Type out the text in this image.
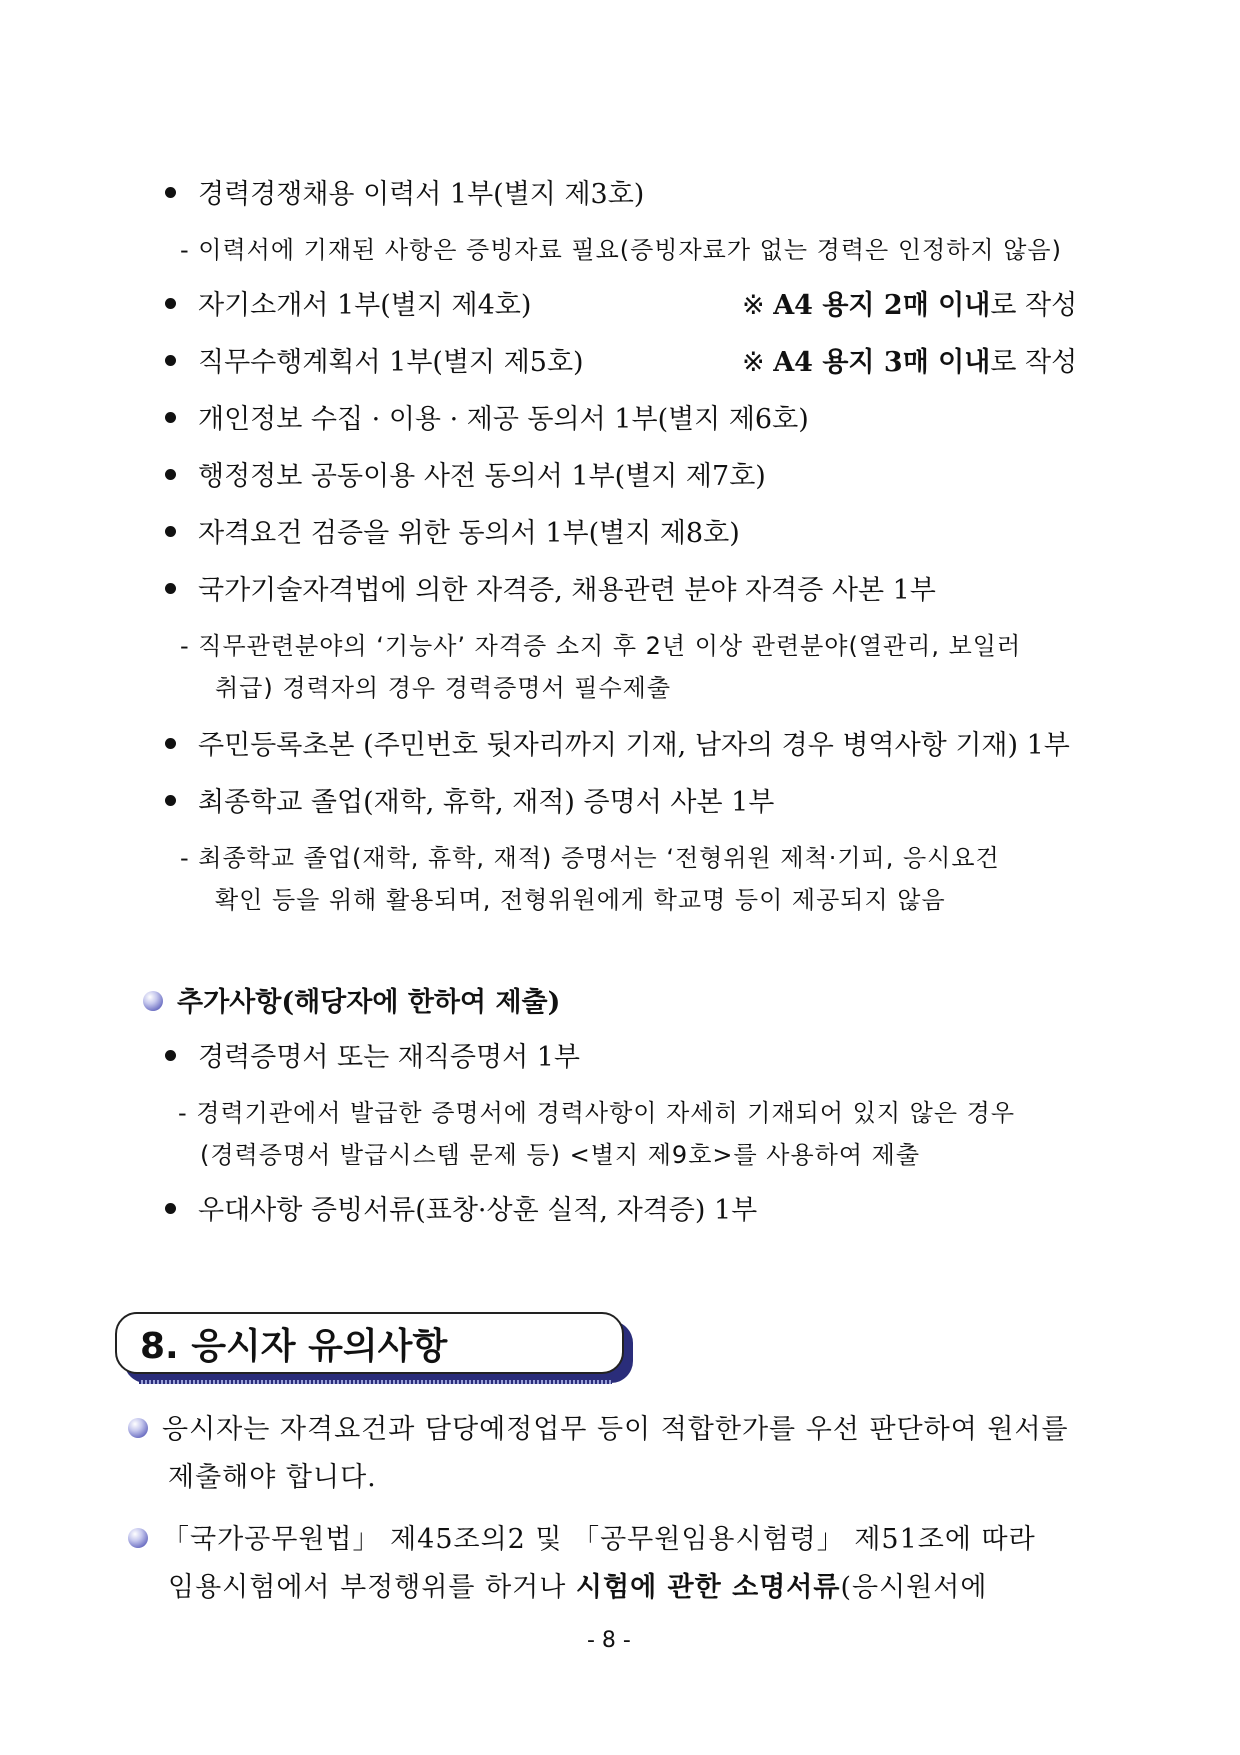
경력경쟁채용 이력서 1부(별지 제3호)
- 이력서에 기재된 사항은 증빙자료 필요(증빙자료가 없는 경력은 인정하지 않음)
자기소개서 1부(별지 제4호)	※ A4 용지 2매 이내로 작성
직무수행계획서 1부(별지 제5호)	※ A4 용지 3매 이내로 작성
개인정보 수집 · 이용 · 제공 동의서 1부(별지 제6호)
행정정보 공동이용 사전 동의서 1부(별지 제7호)
자격요건 검증을 위한 동의서 1부(별지 제8호)
국가기술자격법에 의한 자격증, 채용관련 분야 자격증 사본 1부
- 직무관련분야의 ‘기능사’ 자격증 소지 후 2년 이상 관련분야(열관리, 보일러
취급) 경력자의 경우 경력증명서 필수제출
주민등록초본 (주민번호 뒷자리까지 기재, 남자의 경우 병역사항 기재) 1부
최종학교 졸업(재학, 휴학, 재적) 증명서 사본 1부
- 최종학교 졸업(재학, 휴학, 재적) 증명서는 ‘전형위원 제척·기피, 응시요건
확인 등을 위해 활용되며, 전형위원에게 학교명 등이 제공되지 않음
추가사항(해당자에 한하여 제출)
경력증명서 또는 재직증명서 1부
- 경력기관에서 발급한 증명서에 경력사항이 자세히 기재되어 있지 않은 경우
(경력증명서 발급시스템 문제 등) <별지 제9호>를 사용하여 제출
우대사항 증빙서류(표창·상훈 실적, 자격증) 1부
8. 응시자 유의사항
응시자는 자격요건과 담당예정업무 등이 적합한가를 우선 판단하여 원서를
제출해야 합니다.
「국가공무원법」 제45조의2 및 「공무원임용시험령」 제51조에 따라
임용시험에서 부정행위를 하거나 시험에 관한 소명서류(응시원서에
- 8 -
